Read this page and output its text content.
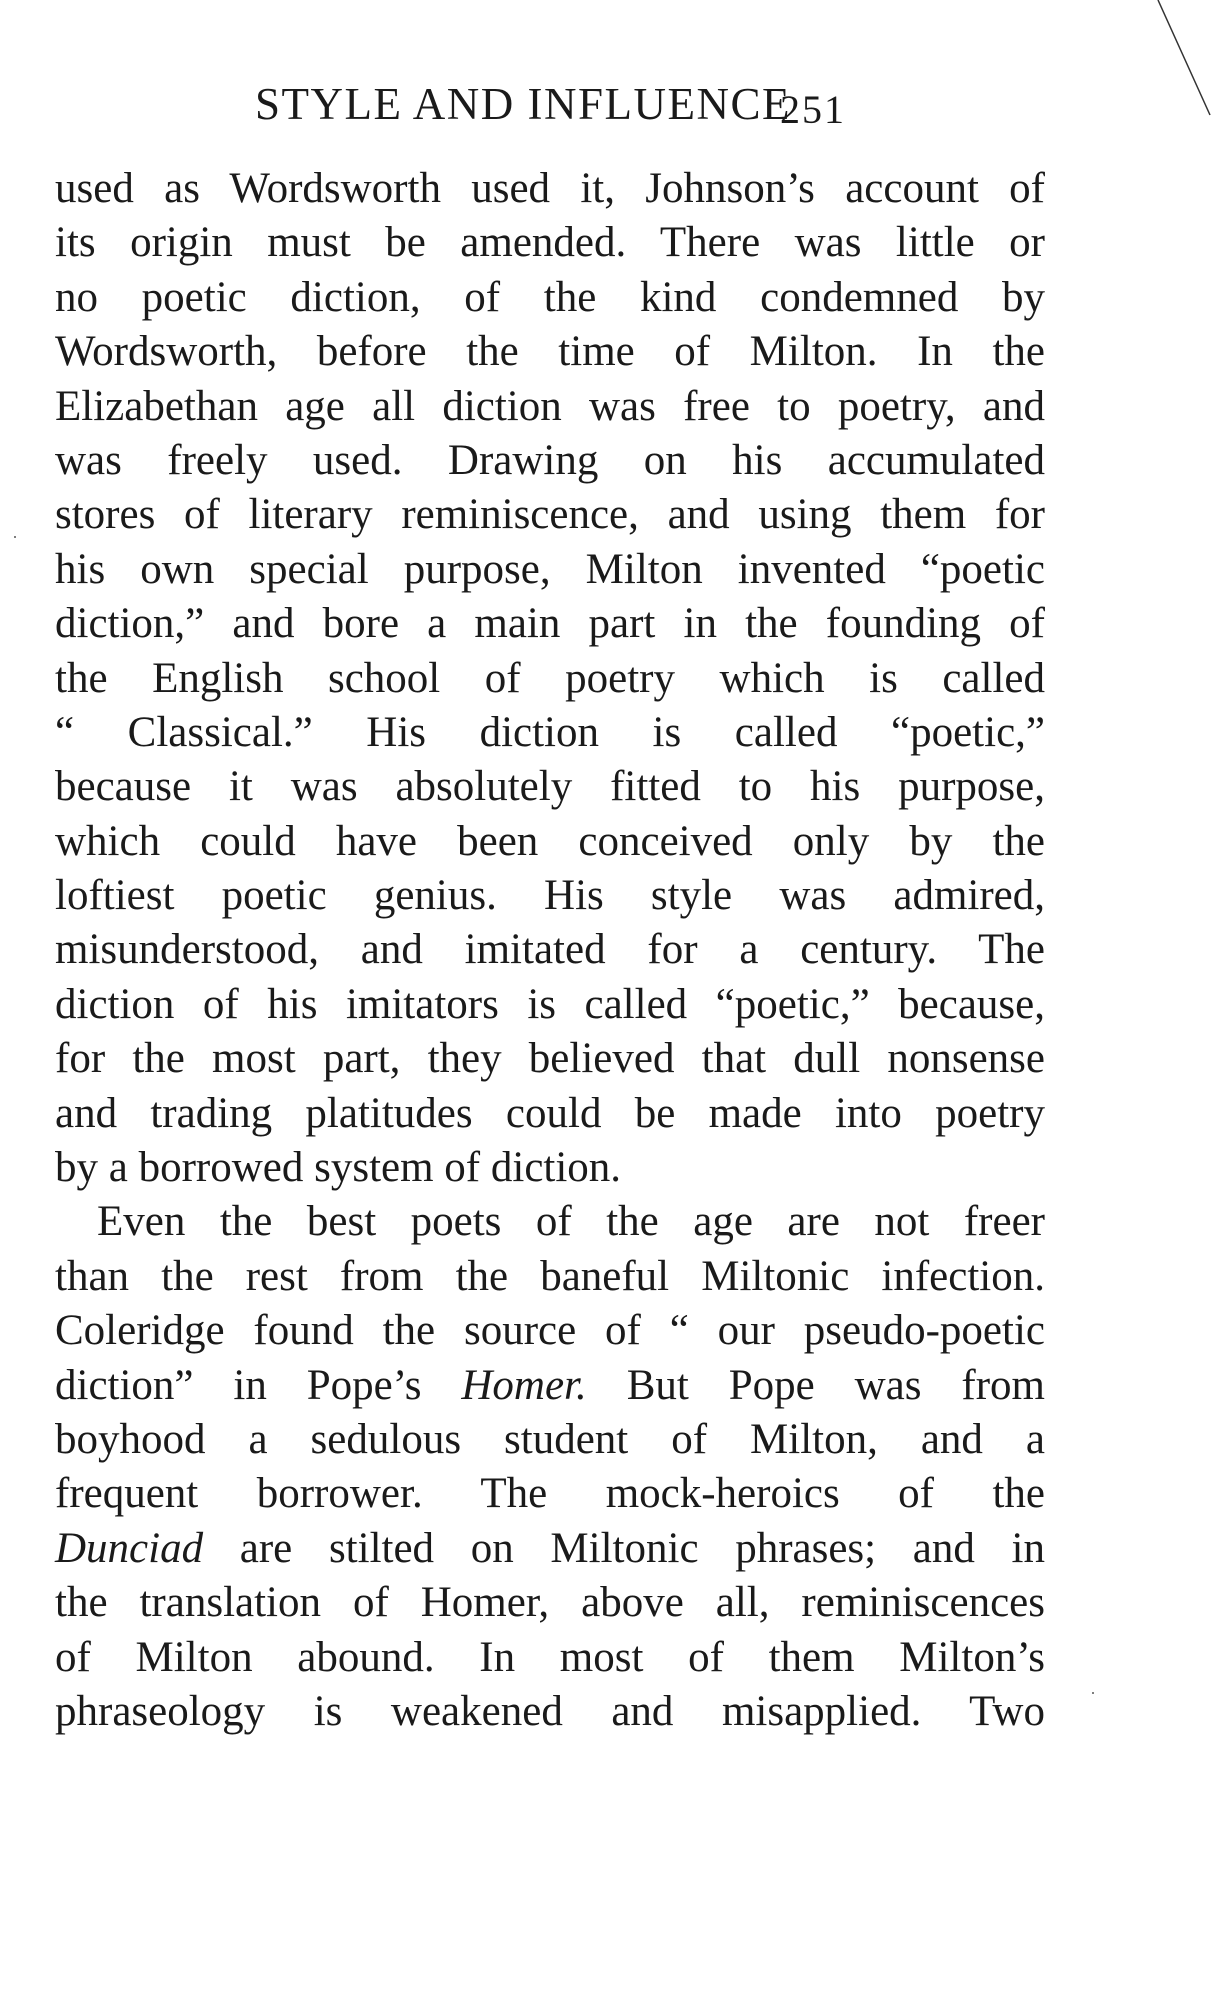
STYLE AND INFLUENCE
251
used as Wordsworth used it, Johnson’s account of
its origin must be amended. There was little or
no poetic diction, of the kind condemned by
Wordsworth, before the time of Milton. In the
Elizabethan age all diction was free to poetry, and
was freely used. Drawing on his accumulated
stores of literary reminiscence, and using them for
his own special purpose, Milton invented “poetic
diction,” and bore a main part in the founding of
the English school of poetry which is called
“ Classical.” His diction is called “poetic,”
because it was absolutely fitted to his purpose,
which could have been conceived only by the
loftiest poetic genius. His style was admired,
misunderstood, and imitated for a century. The
diction of his imitators is called “poetic,” because,
for the most part, they believed that dull nonsense
and trading platitudes could be made into poetry
by a borrowed system of diction.
Even the best poets of the age are not freer
than the rest from the baneful Miltonic infection.
Coleridge found the source of “ our pseudo-poetic
diction” in Pope’s Homer. But Pope was from
boyhood a sedulous student of Milton, and a
frequent borrower. The mock-heroics of the
Dunciad are stilted on Miltonic phrases; and in
the translation of Homer, above all, reminiscences
of Milton abound. In most of them Milton’s
phraseology is weakened and misapplied. Two
